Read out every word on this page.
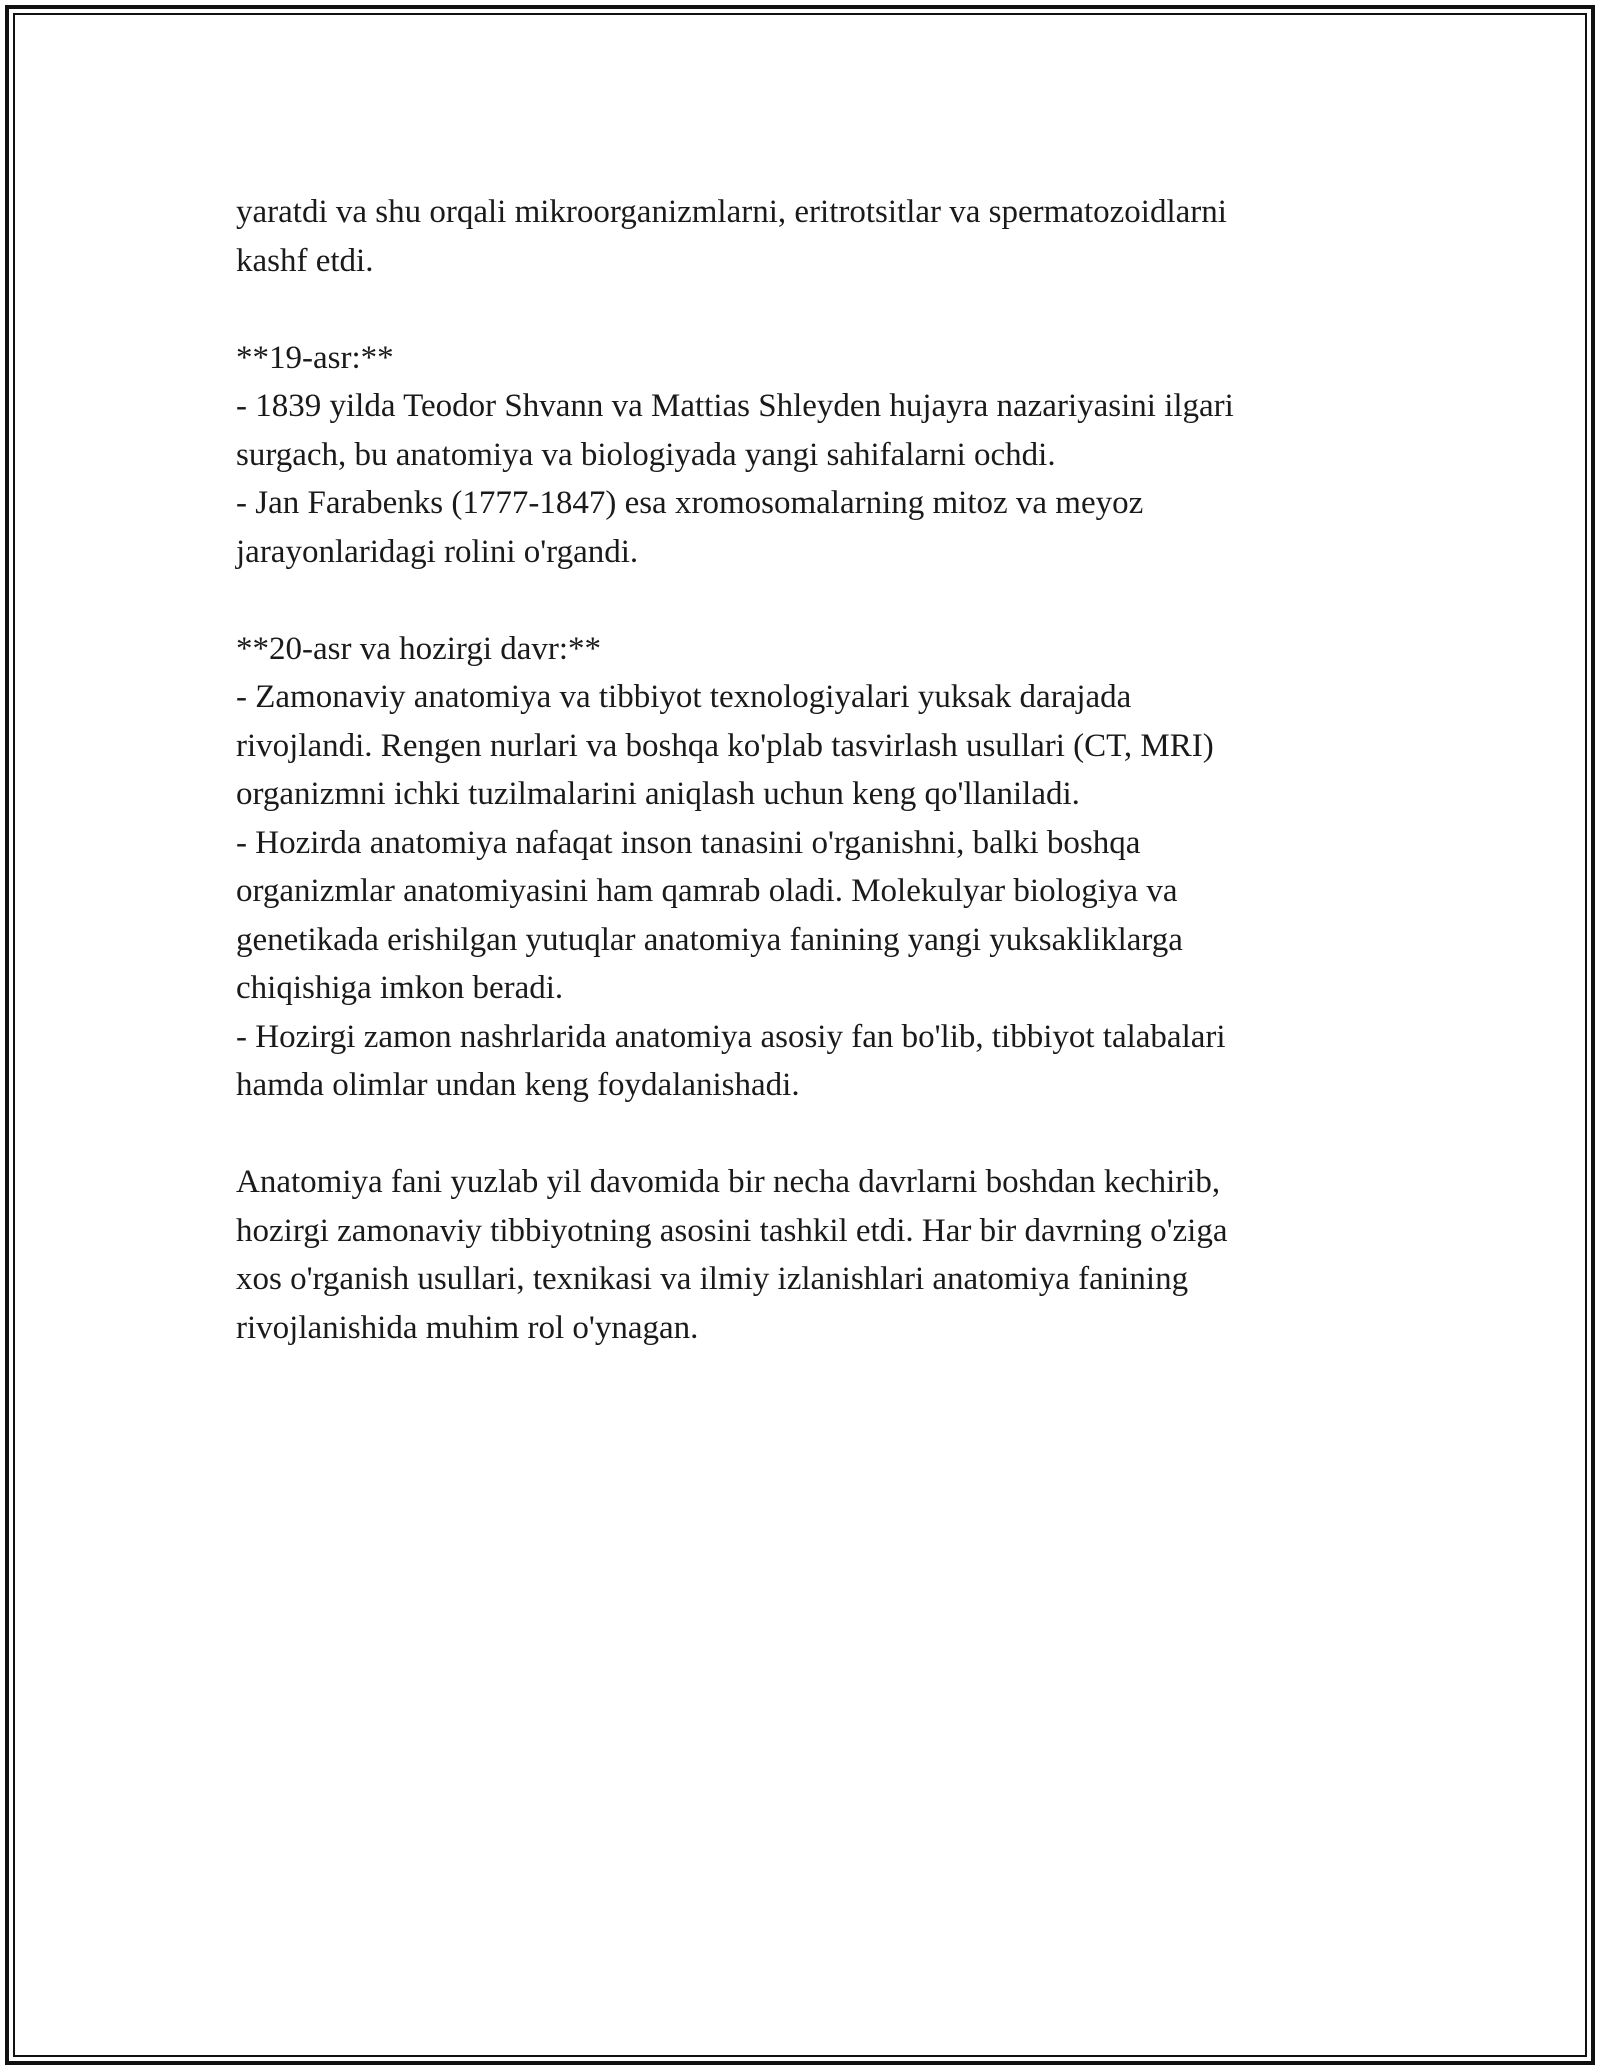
yaratdi va shu orqali mikroorganizmlarni, eritrotsitlar va spermatozoidlarni
kashf etdi.
**19-asr:**
- 1839 yilda Teodor Shvann va Mattias Shleyden hujayra nazariyasini ilgari
surgach, bu anatomiya va biologiyada yangi sahifalarni ochdi.
- Jan Farabenks (1777-1847) esa xromosomalarning mitoz va meyoz
jarayonlaridagi rolini o'rgandi.
**20-asr va hozirgi davr:**
- Zamonaviy anatomiya va tibbiyot texnologiyalari yuksak darajada
rivojlandi. Rengen nurlari va boshqa ko'plab tasvirlash usullari (CT, MRI)
organizmni ichki tuzilmalarini aniqlash uchun keng qo'llaniladi.
- Hozirda anatomiya nafaqat inson tanasini o'rganishni, balki boshqa
organizmlar anatomiyasini ham qamrab oladi. Molekulyar biologiya va
genetikada erishilgan yutuqlar anatomiya fanining yangi yuksakliklarga
chiqishiga imkon beradi.
- Hozirgi zamon nashrlarida anatomiya asosiy fan bo'lib, tibbiyot talabalari
hamda olimlar undan keng foydalanishadi.
Anatomiya fani yuzlab yil davomida bir necha davrlarni boshdan kechirib,
hozirgi zamonaviy tibbiyotning asosini tashkil etdi. Har bir davrning o'ziga
xos o'rganish usullari, texnikasi va ilmiy izlanishlari anatomiya fanining
rivojlanishida muhim rol o'ynagan.
